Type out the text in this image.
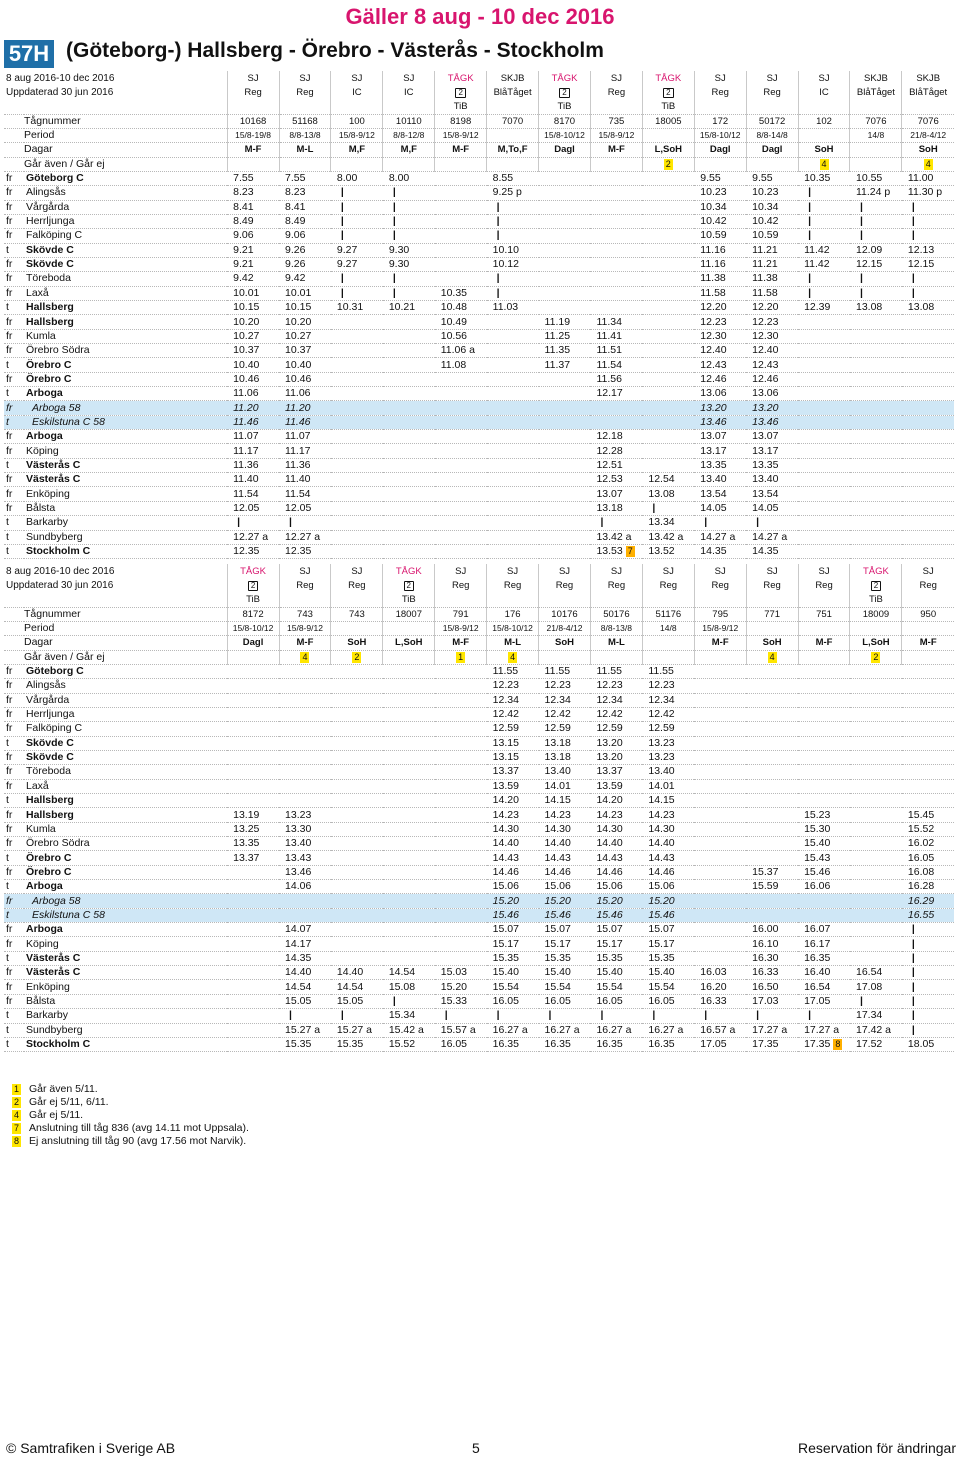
Gäller 8 aug - 10 dec 2016
57H (Göteborg-) Hallsberg - Örebro - Västerås - Stockholm
8 aug 2016-10 dec 2016		SJ	SJ	SJ	SJ	TÅGK	SKJB	TÅGK	SJ	TÅGK	SJ	SJ	SJ	SKJB	SKJB
Uppdaterad 30 jun 2016		Reg	Reg	IC	IC	2	BlåTåget	2	Reg	2	Reg	Reg	IC	BlåTåget	BlåTåget
						TiB		TiB		TiB					
Tågnummer		10168	51168	100	10110	8198	7070	8170	735	18005	172	50172	102	7076	7076
Period		15/8-19/8	8/8-13/8	15/8-9/12	8/8-12/8	15/8-9/12		15/8-10/12	15/8-9/12		15/8-10/12	8/8-14/8		14/8	21/8-4/12
Dagar		M-F	M-L	M,F	M,F	M-F	M,To,F	Dagl	M-F	L,SoH	Dagl	Dagl	SoH		SoH
Går även / Går ej										2			4		4
fr	Göteborg C	7.55	7.55	8.00	8.00		8.55				9.55	9.55	10.35	10.55	11.00
fr	Alingsås	8.23	8.23	|	|		9.25 p				10.23	10.23	|	11.24 p	11.30 p
fr	Vårgårda	8.41	8.41	|	|		|				10.34	10.34	|	|	|
fr	Herrljunga	8.49	8.49	|	|		|				10.42	10.42	|	|	|
fr	Falköping C	9.06	9.06	|	|		|				10.59	10.59	|	|	|
t	Skövde C	9.21	9.26	9.27	9.30		10.10				11.16	11.21	11.42	12.09	12.13
fr	Skövde C	9.21	9.26	9.27	9.30		10.12				11.16	11.21	11.42	12.15	12.15
fr	Töreboda	9.42	9.42	|	|		|				11.38	11.38	|	|	|
fr	Laxå	10.01	10.01	|	|	10.35	|				11.58	11.58	|	|	|
t	Hallsberg	10.15	10.15	10.31	10.21	10.48	11.03				12.20	12.20	12.39	13.08	13.08
fr	Hallsberg	10.20	10.20			10.49		11.19	11.34		12.23	12.23			
fr	Kumla	10.27	10.27			10.56		11.25	11.41		12.30	12.30			
fr	Örebro Södra	10.37	10.37			11.06 a		11.35	11.51		12.40	12.40			
t	Örebro C	10.40	10.40			11.08		11.37	11.54		12.43	12.43			
fr	Örebro C	10.46	10.46						11.56		12.46	12.46			
t	Arboga	11.06	11.06						12.17		13.06	13.06			
fr	Arboga 58	11.20	11.20								13.20	13.20			
t	Eskilstuna C 58	11.46	11.46								13.46	13.46			
fr	Arboga	11.07	11.07						12.18		13.07	13.07			
fr	Köping	11.17	11.17						12.28		13.17	13.17			
t	Västerås C	11.36	11.36						12.51		13.35	13.35			
fr	Västerås C	11.40	11.40						12.53	12.54	13.40	13.40			
fr	Enköping	11.54	11.54						13.07	13.08	13.54	13.54			
fr	Bålsta	12.05	12.05						13.18	|	14.05	14.05			
t	Barkarby	|	|						|	13.34	|	|			
t	Sundbyberg	12.27 a	12.27 a						13.42 a	13.42 a	14.27 a	14.27 a			
t	Stockholm C	12.35	12.35						13.53 7	13.52	14.35	14.35			
8 aug 2016-10 dec 2016		TÅGK	SJ	SJ	TÅGK	SJ	SJ	SJ	SJ	SJ	SJ	SJ	SJ	TÅGK	SJ
Uppdaterad 30 jun 2016		2	Reg	Reg	2	Reg	Reg	Reg	Reg	Reg	Reg	Reg	Reg	2	Reg
		TiB			TiB									TiB	
Tågnummer		8172	743	743	18007	791	176	10176	50176	51176	795	771	751	18009	950
Period		15/8-10/12	15/8-9/12			15/8-9/12	15/8-10/12	21/8-4/12	8/8-13/8	14/8	15/8-9/12				
Dagar		Dagl	M-F	SoH	L,SoH	M-F	M-L	SoH	M-L		M-F	SoH	M-F	L,SoH	M-F
Går även / Går ej			4	2		1	4					4		2	
fr	Göteborg C						11.55	11.55	11.55	11.55					
fr	Alingsås						12.23	12.23	12.23	12.23					
fr	Vårgårda						12.34	12.34	12.34	12.34					
fr	Herrljunga						12.42	12.42	12.42	12.42					
fr	Falköping C						12.59	12.59	12.59	12.59					
t	Skövde C						13.15	13.18	13.20	13.23					
fr	Skövde C						13.15	13.18	13.20	13.23					
fr	Töreboda						13.37	13.40	13.37	13.40					
fr	Laxå						13.59	14.01	13.59	14.01					
t	Hallsberg						14.20	14.15	14.20	14.15					
fr	Hallsberg	13.19	13.23				14.23	14.23	14.23	14.23			15.23		15.45
fr	Kumla	13.25	13.30				14.30	14.30	14.30	14.30			15.30		15.52
fr	Örebro Södra	13.35	13.40				14.40	14.40	14.40	14.40			15.40		16.02
t	Örebro C	13.37	13.43				14.43	14.43	14.43	14.43			15.43		16.05
fr	Örebro C		13.46				14.46	14.46	14.46	14.46		15.37	15.46		16.08
t	Arboga		14.06				15.06	15.06	15.06	15.06		15.59	16.06		16.28
fr	Arboga 58						15.20	15.20	15.20	15.20					16.29
t	Eskilstuna C 58						15.46	15.46	15.46	15.46					16.55
fr	Arboga		14.07				15.07	15.07	15.07	15.07		16.00	16.07		|
fr	Köping		14.17				15.17	15.17	15.17	15.17		16.10	16.17		|
t	Västerås C		14.35				15.35	15.35	15.35	15.35		16.30	16.35		|
fr	Västerås C		14.40	14.40	14.54	15.03	15.40	15.40	15.40	15.40	16.03	16.33	16.40	16.54	|
fr	Enköping		14.54	14.54	15.08	15.20	15.54	15.54	15.54	15.54	16.20	16.50	16.54	17.08	|
fr	Bålsta		15.05	15.05	|	15.33	16.05	16.05	16.05	16.05	16.33	17.03	17.05	|	|
t	Barkarby		|	|	15.34	|	|	|	|	|	|	|	|	17.34	|
t	Sundbyberg		15.27 a	15.27 a	15.42 a	15.57 a	16.27 a	16.27 a	16.27 a	16.27 a	16.57 a	17.27 a	17.27 a	17.42 a	|
t	Stockholm C		15.35	15.35	15.52	16.05	16.35	16.35	16.35	16.35	17.05	17.35	17.35 8	17.52	18.05
1 Går även 5/11.
2 Går ej 5/11, 6/11.
4 Går ej 5/11.
7 Anslutning till tåg 836 (avg 14.11 mot Uppsala).
8 Ej anslutning till tåg 90 (avg 17.56 mot Narvik).
© Samtrafiken i Sverige AB	5	Reservation för ändringar
